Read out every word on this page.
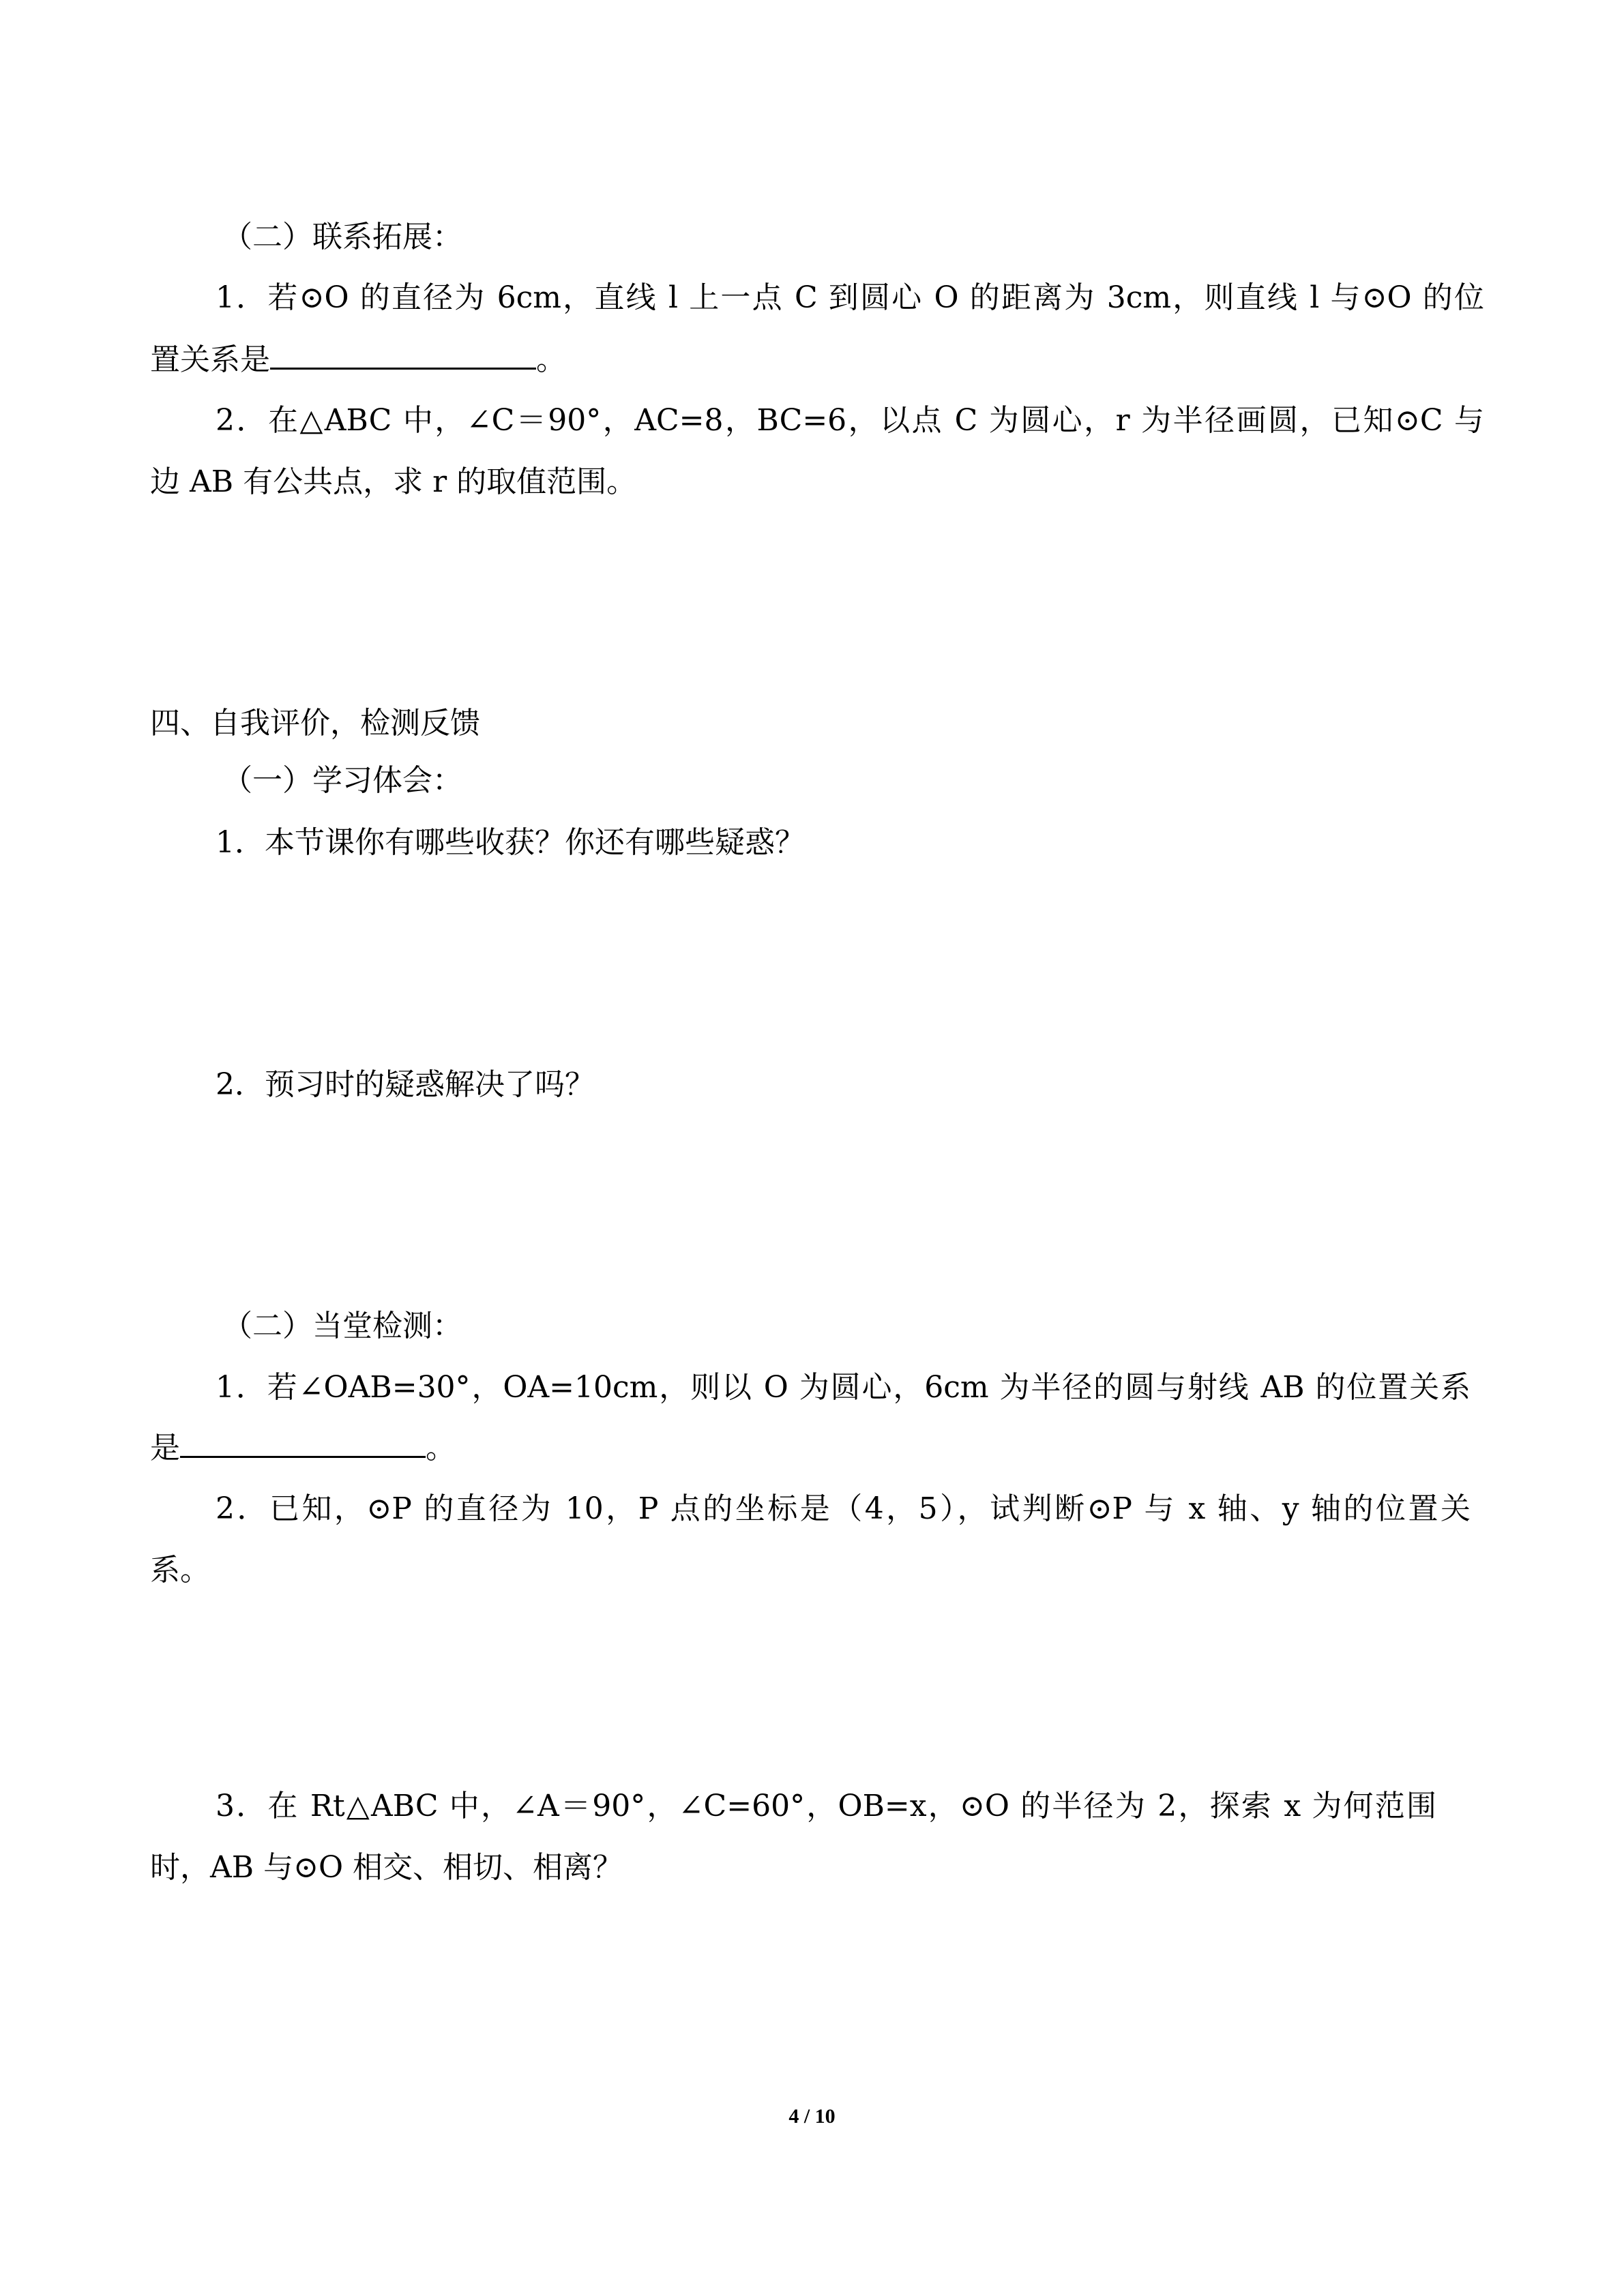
（二）联系拓展：
1．若⊙O 的直径为 6cm，直线 l 上一点 C 到圆心 O 的距离为 3cm，则直线 l 与⊙O 的位
置关系是	。
2．在△ABC 中，∠C＝90°，AC=8，BC=6，以点 C 为圆心，r 为半径画圆，已知⊙C 与
边 AB 有公共点，求 r 的取值范围。
四、自我评价，检测反馈
（一）学习体会：
1．本节课你有哪些收获？你还有哪些疑惑？
2．预习时的疑惑解决了吗？
（二）当堂检测：
1．若∠OAB=30°，OA=10cm，则以 O 为圆心，6cm 为半径的圆与射线 AB 的位置关系
是	。
2．已知，⊙P 的直径为 10，P 点的坐标是（4，5），试判断⊙P 与 x 轴、y 轴的位置关
系。
3．在 Rt△ABC 中，∠A＝90°，∠C=60°，OB=x，⊙O 的半径为 2，探索 x 为何范围
时，AB 与⊙O 相交、相切、相离？
4 / 10
